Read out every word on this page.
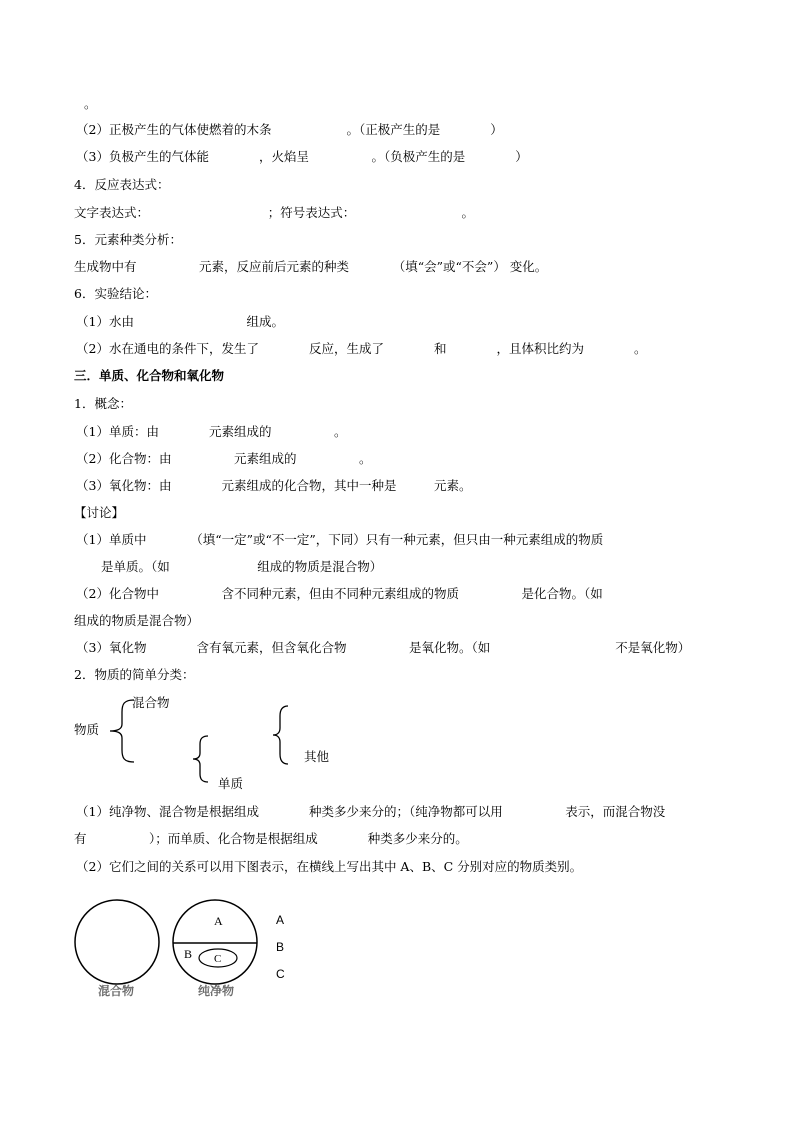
。
（2）正极产生的气体使燃着的木条　　　　　　。（正极产生的是　　　　）
（3）负极产生的气体能　　　　，火焰呈　　　　　。（负极产生的是　　　　）
4．反应表达式：
文字表达式：　　　　　　　　　　；符号表达式：　　　　　　　　　。
5．元素种类分析：
生成物中有　　　　　元素，反应前后元素的种类　　　　（填“会”或“不会”） 变化。
6．实验结论：
（1）水由　　　　　　　　　组成。
（2）水在通电的条件下，发生了　　　　反应，生成了　　　　和　　　　，且体积比约为　　　　。
三．单质、化合物和氧化物
1．概念：
（1）单质：由　　　　元素组成的　　　　　。
（2）化合物：由　　　　　元素组成的　　　　　。
（3）氧化物：由　　　　元素组成的化合物，其中一种是　　　元素。
【讨论】
（1）单质中　　　　（填“一定”或“不一定”，下同）只有一种元素，但只由一种元素组成的物质
　　是单质。（如　　　　　　　组成的物质是混合物）
（2）化合物中　　　　　含不同种元素，但由不同种元素组成的物质　　　　　是化合物。（如
组成的物质是混合物）
（3）氧化物　　　　含有氧元素，但含氧化合物　　　　　是氧化物。（如　　　　　　　　　　不是氧化物）
2．物质的简单分类：
物质
混合物
其他
单质
（1）纯净物、混合物是根据组成　　　　种类多少来分的；（纯净物都可以用　　　　　表示，而混合物没
有　　　　　）；而单质、化合物是根据组成　　　　种类多少来分的。
（2）它们之间的关系可以用下图表示，在横线上写出其中 A、B、C 分别对应的物质类别。
A
B C
混合物	纯净物
A
B
C
